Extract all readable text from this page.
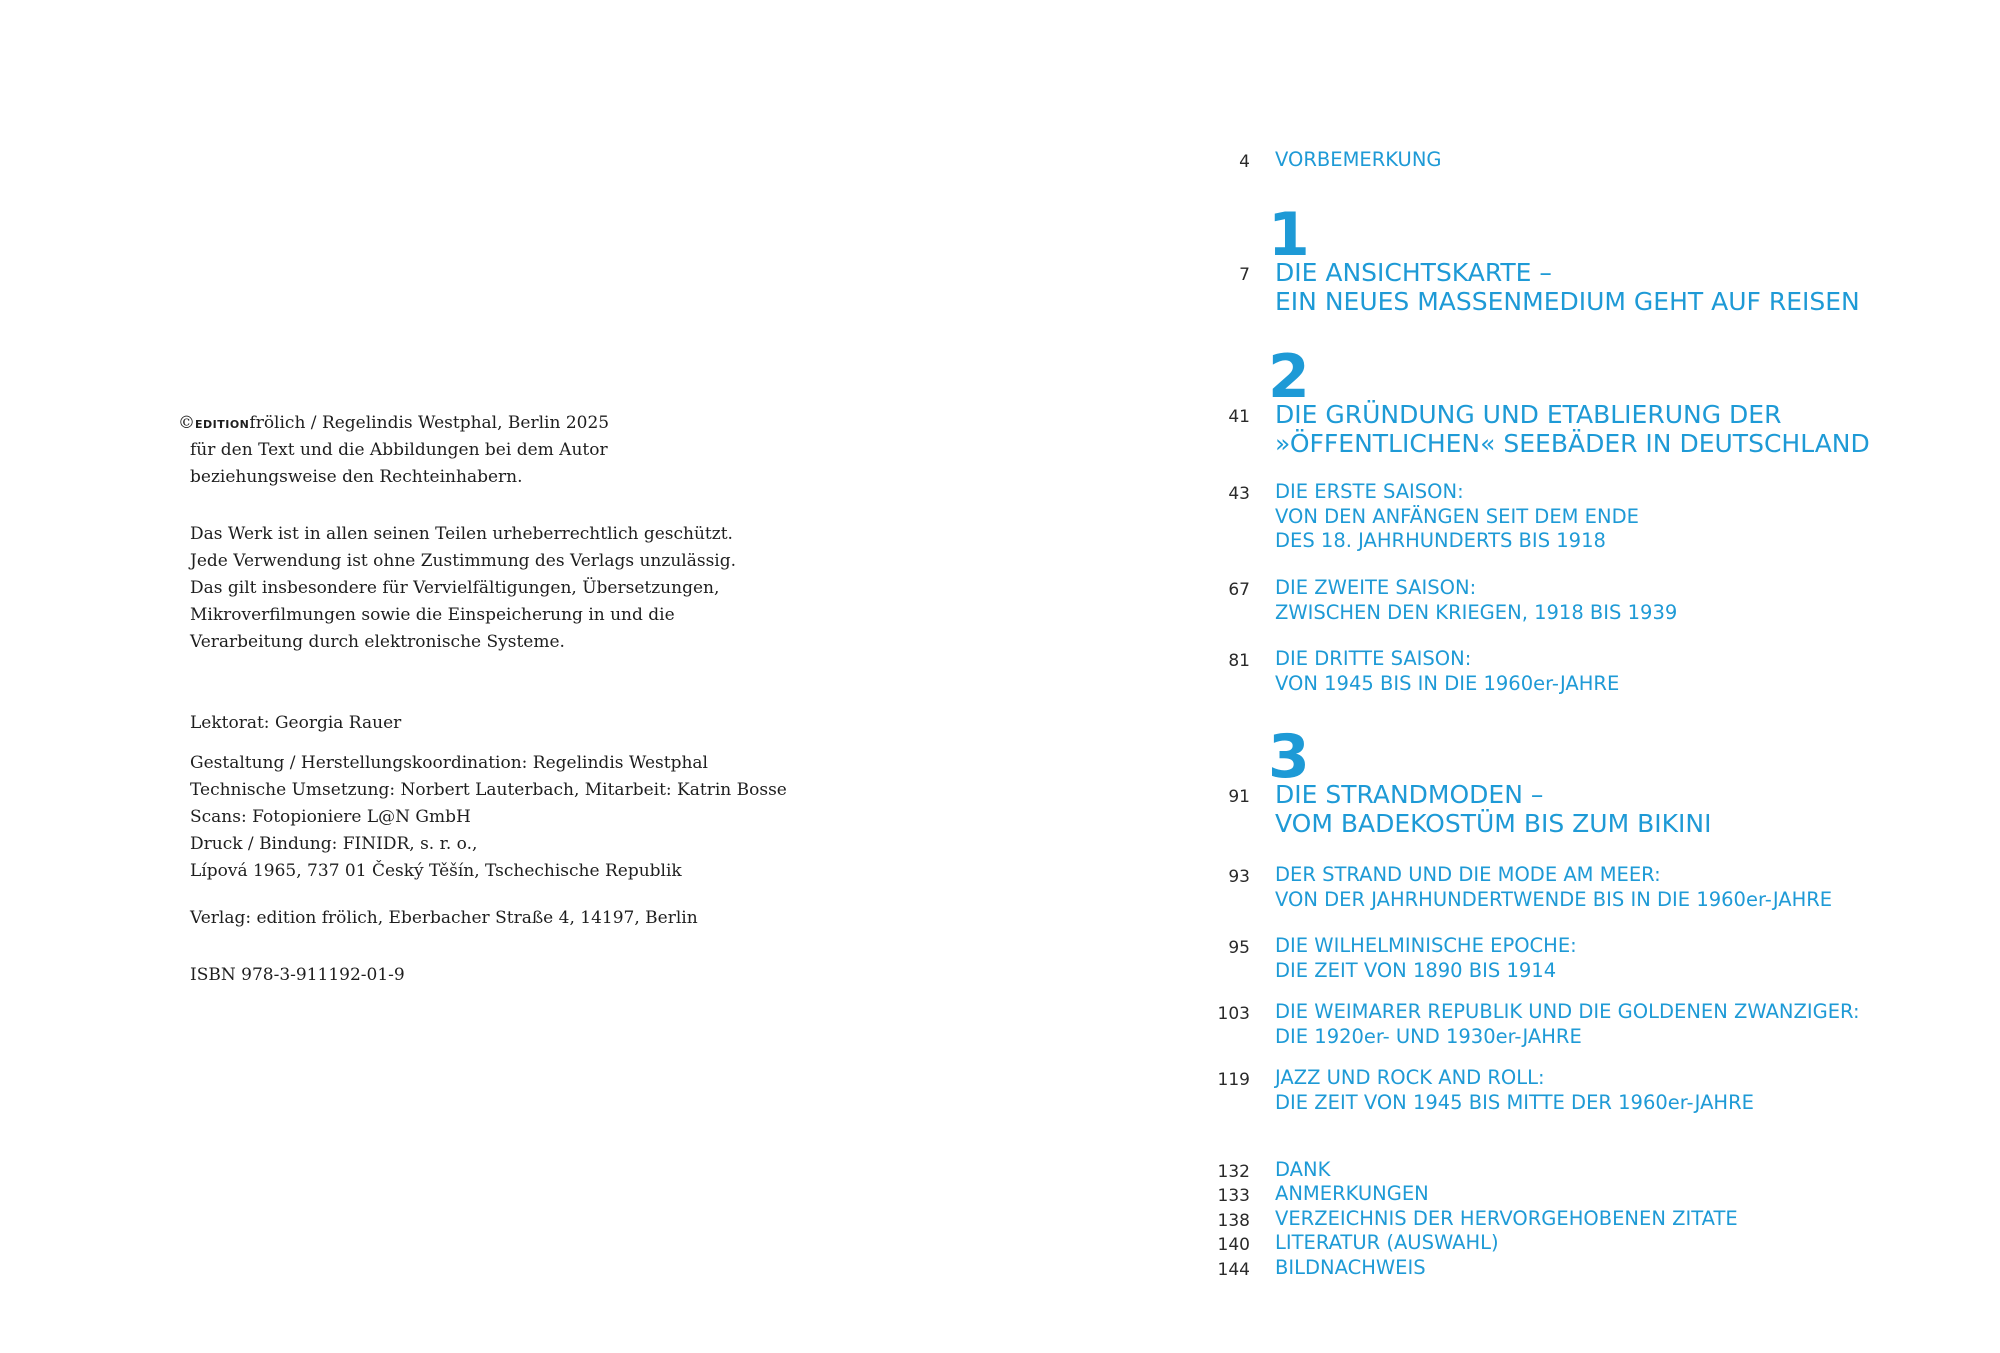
©EDITIONfrölich / Regelindis Westphal, Berlin 2025

für den Text und die Abbildungen bei dem Autor

beziehungsweise den Rechteinhabern.

Das Werk ist in allen seinen Teilen urheberrechtlich geschützt.

Jede Verwendung ist ohne Zustimmung des Verlags unzulässig.

Das gilt insbesondere für Vervielfältigungen, Übersetzungen,

Mikroverfilmungen sowie die Einspeicherung in und die

Verarbeitung durch elektronische Systeme.

Lektorat: Georgia Rauer

Gestaltung / Herstellungskoordination: Regelindis Westphal

Technische Umsetzung: Norbert Lauterbach, Mitarbeit: Katrin Bosse

Scans: Fotopioniere L@N GmbH

Druck / Bindung: FINIDR, s. r. o.,

Lípová 1965, 737 01 Český Těšín, Tschechische Republik

Verlag: edition frölich, Eberbacher Straße 4, 14197, Berlin

ISBN 978-3-911192-01-9

4 VORBEMERKUNG
1
7 DIE ANSICHTSKARTE –
EIN NEUES MASSENMEDIUM GEHT AUF REISEN
2
41 DIE GRÜNDUNG UND ETABLIERUNG DER
»ÖFFENTLICHEN« SEEBÄDER IN DEUTSCHLAND
43 DIE ERSTE SAISON:
VON DEN ANFÄNGEN SEIT DEM ENDE
DES 18. JAHRHUNDERTS BIS 1918
67 DIE ZWEITE SAISON:
ZWISCHEN DEN KRIEGEN, 1918 BIS 1939
81 DIE DRITTE SAISON:
VON 1945 BIS IN DIE 1960er-JAHRE
3
91 DIE STRANDMODEN –
VOM BADEKOSTÜM BIS ZUM BIKINI
93 DER STRAND UND DIE MODE AM MEER:
VON DER JAHRHUNDERTWENDE BIS IN DIE 1960er-JAHRE
95 DIE WILHELMINISCHE EPOCHE:
DIE ZEIT VON 1890 BIS 1914
103 DIE WEIMARER REPUBLIK UND DIE GOLDENEN ZWANZIGER:
DIE 1920er- UND 1930er-JAHRE
119 JAZZ UND ROCK AND ROLL:
DIE ZEIT VON 1945 BIS MITTE DER 1960er-JAHRE
132 DANK
133 ANMERKUNGEN
138 VERZEICHNIS DER HERVORGEHOBENEN ZITATE
140 LITERATUR (AUSWAHL)
144 BILDNACHWEIS
